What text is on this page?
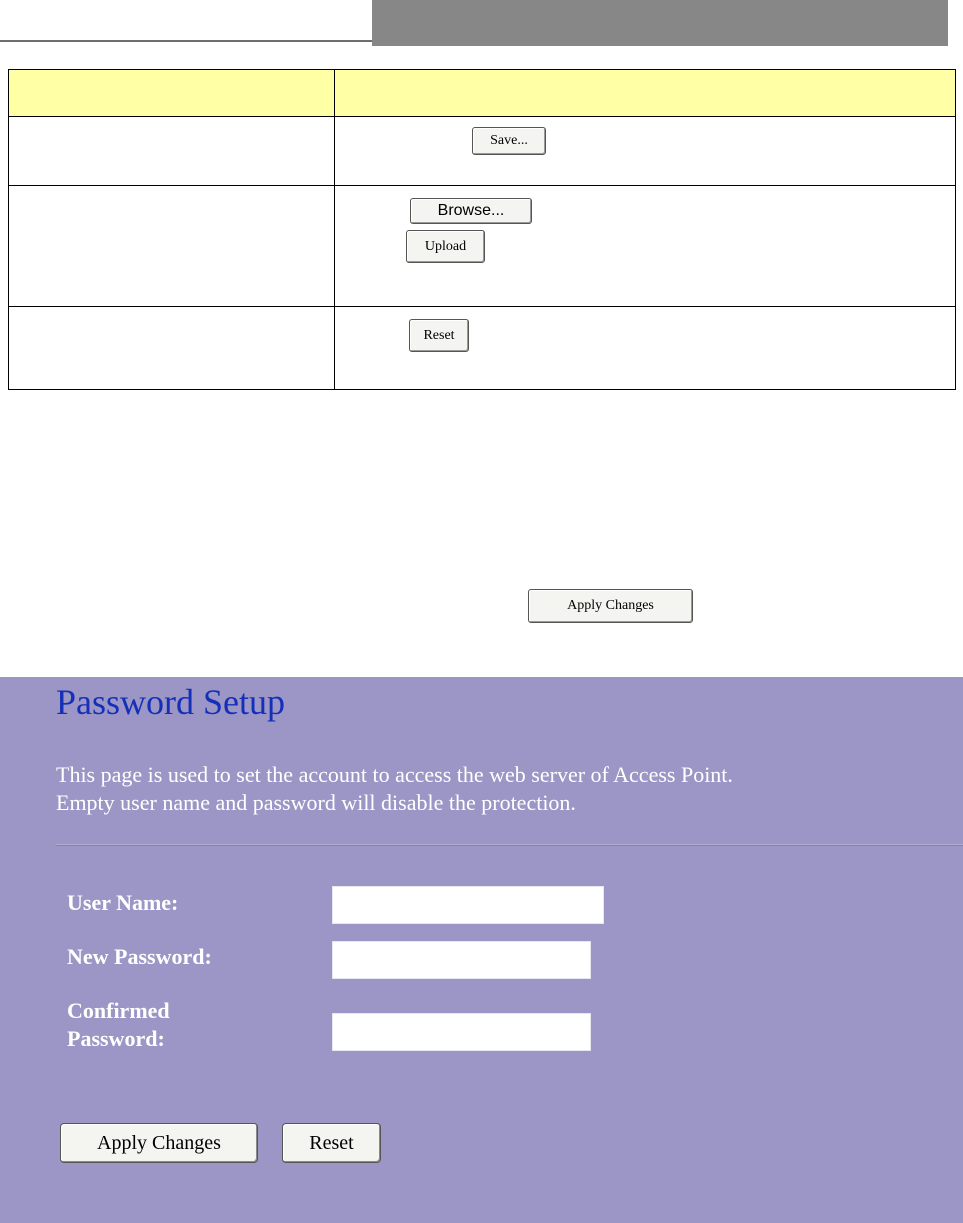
	Save...

	Browse...
Upload

	Reset
Apply Changes
Password Setup

This page is used to set the account to access the web server of Access Point.
Empty user name and password will disable the protection.

User Name:
New Password:
Confirmed
Password:
Apply Changes	Reset
